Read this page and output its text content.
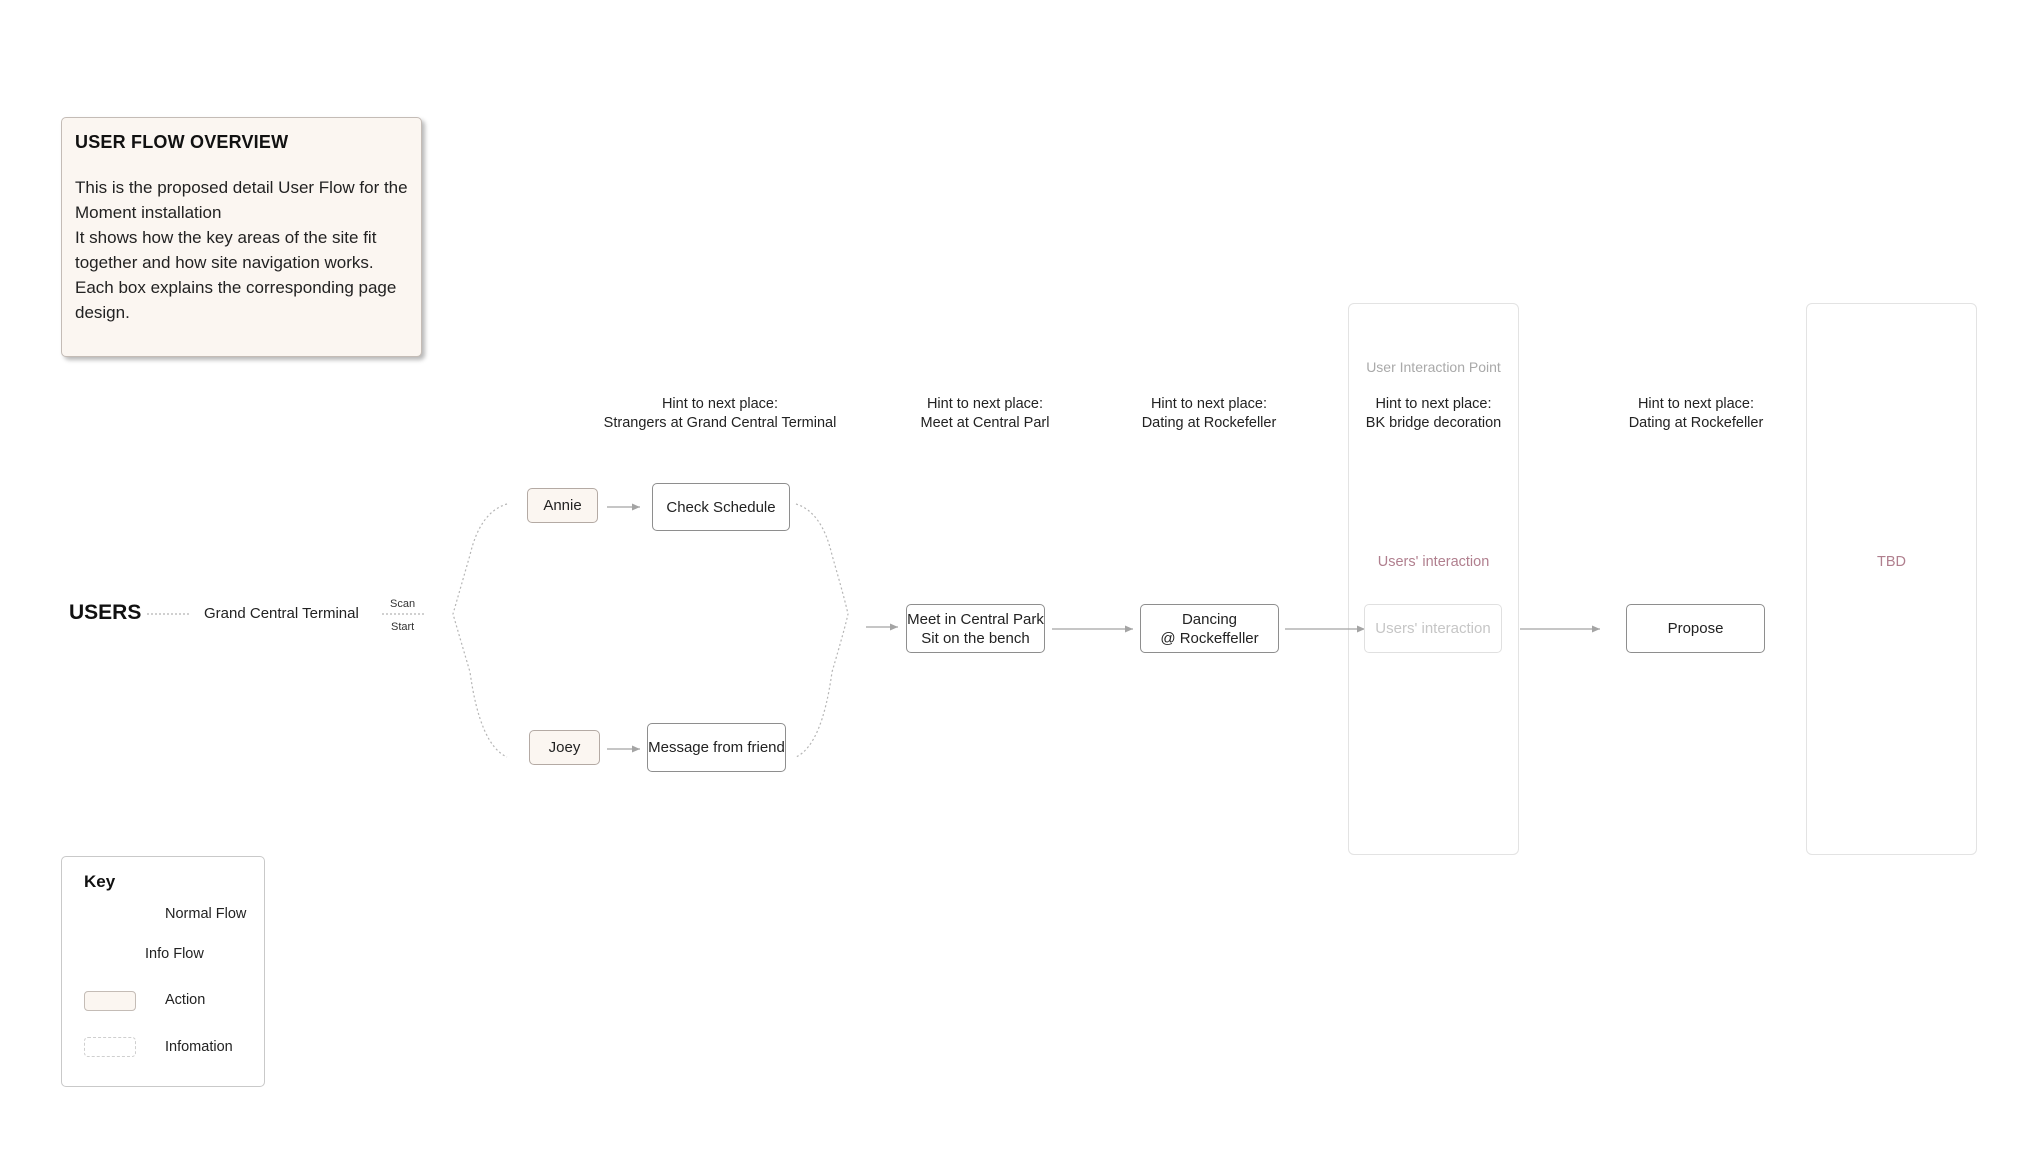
USER FLOW OVERVIEW

This is the proposed detail User Flow for the Moment installation

It shows how the key areas of the site fit together and how site navigation works.

Each box explains the corresponding page design.

USERS	Grand Central Terminal
Scan
Start
Hint to next place:
Strangers at Grand Central Terminal
Hint to next place:
Meet at Central Parl
Hint to next place:
Dating at Rockefeller
User Interaction Point
Hint to next place:
BK bridge decoration
Hint to next place:
Dating at Rockefeller
Annie
Joey
Check Schedule
Message from friend
Meet in Central Park
Sit on the bench
Dancing
@ Rockeffeller
Users' interaction
Users' interaction	Propose
TBD
Key
Normal Flow
Info Flow
Action
Infomation
